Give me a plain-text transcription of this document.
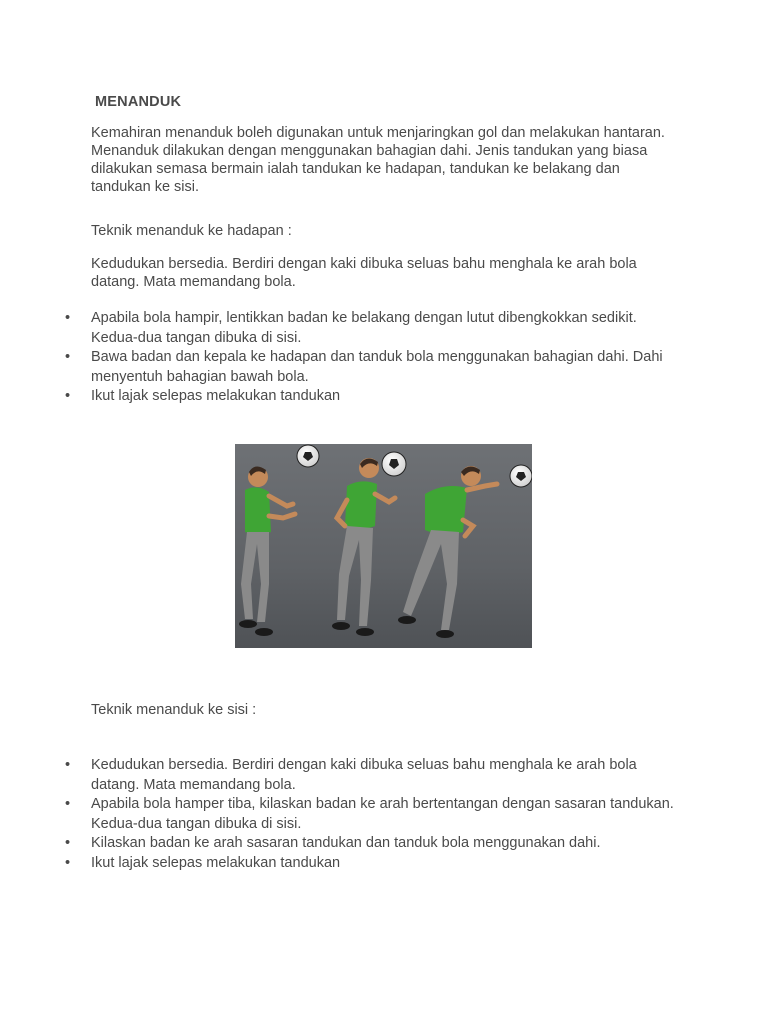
MENANDUK

Kemahiran menanduk boleh digunakan untuk menjaringkan gol dan melakukan hantaran. Menanduk dilakukan dengan menggunakan bahagian dahi. Jenis tandukan yang biasa dilakukan semasa bermain ialah tandukan ke hadapan, tandukan ke belakang dan tandukan ke sisi.

Teknik menanduk ke hadapan :

Kedudukan bersedia. Berdiri dengan kaki dibuka seluas bahu menghala ke arah bola datang. Mata memandang bola.

•	Apabila bola hampir, lentikkan badan ke belakang dengan lutut dibengkokkan sedikit. Kedua-dua tangan dibuka di sisi.
•	Bawa badan dan kepala ke hadapan dan tanduk bola menggunakan bahagian dahi. Dahi menyentuh bahagian bawah bola.
•	Ikut lajak selepas melakukan tandukan

Teknik menanduk ke sisi :

•	Kedudukan bersedia. Berdiri dengan kaki dibuka seluas bahu menghala ke arah bola datang. Mata memandang bola.
•	Apabila bola hamper tiba, kilaskan badan ke arah bertentangan dengan sasaran tandukan. Kedua-dua tangan dibuka di sisi.
•	Kilaskan badan ke arah sasaran tandukan dan tanduk bola menggunakan dahi.
•	Ikut lajak selepas melakukan tandukan
